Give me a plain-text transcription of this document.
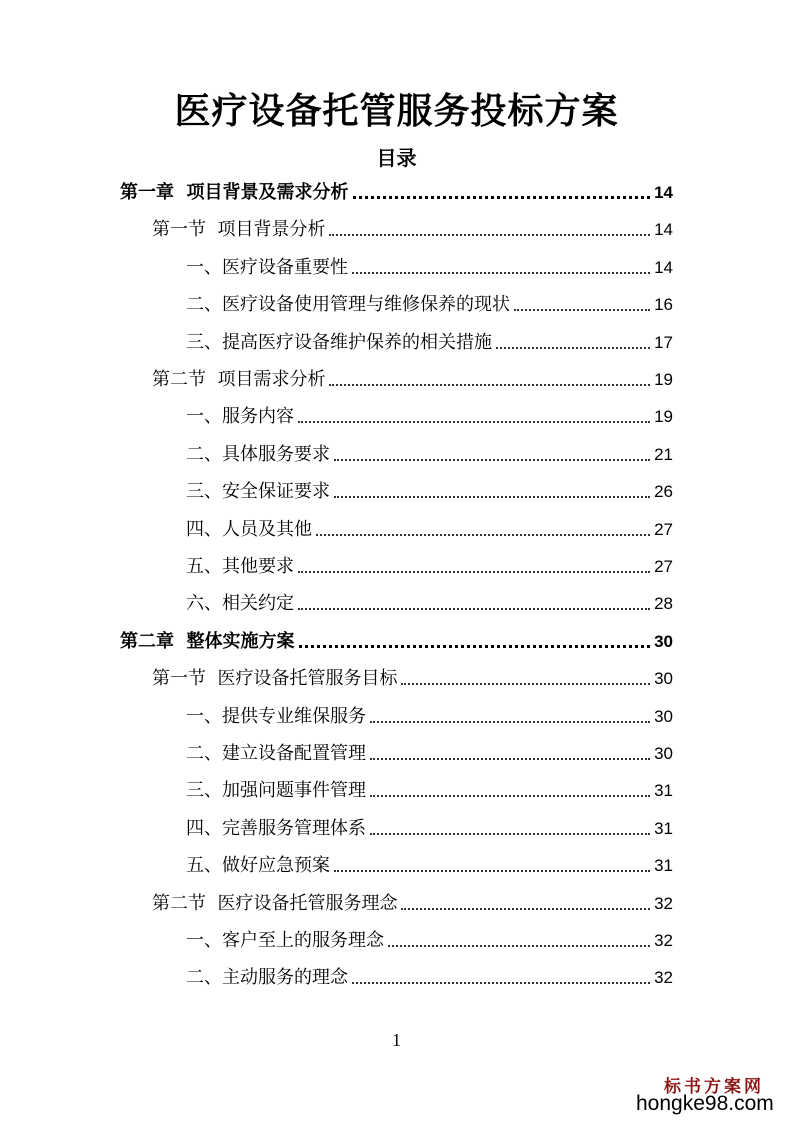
医疗设备托管服务投标方案
目录
第一章  项目背景及需求分析	14
第一节  项目背景分析	14
一、医疗设备重要性	14
二、医疗设备使用管理与维修保养的现状	16
三、提高医疗设备维护保养的相关措施	17
第二节  项目需求分析	19
一、服务内容	19
二、具体服务要求	21
三、安全保证要求	26
四、人员及其他	27
五、其他要求	27
六、相关约定	28
第二章  整体实施方案	30
第一节  医疗设备托管服务目标	30
一、提供专业维保服务	30
二、建立设备配置管理	30
三、加强问题事件管理	31
四、完善服务管理体系	31
五、做好应急预案	31
第二节  医疗设备托管服务理念	32
一、客户至上的服务理念	32
二、主动服务的理念	32
1
标书方案网
hongke98.com
